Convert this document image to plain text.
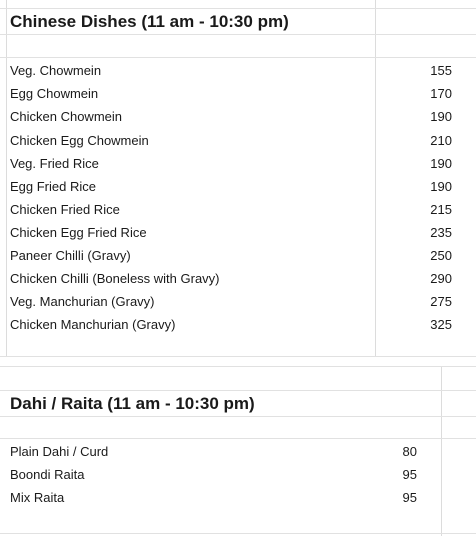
Chinese Dishes (11 am - 10:30 pm)
Veg. Chowmein	155
Egg Chowmein	170
Chicken Chowmein	190
Chicken Egg Chowmein	210
Veg. Fried Rice	190
Egg Fried Rice	190
Chicken Fried Rice	215
Chicken Egg Fried Rice	235
Paneer Chilli (Gravy)	250
Chicken Chilli (Boneless with Gravy)	290
Veg. Manchurian (Gravy)	275
Chicken Manchurian (Gravy)	325
Dahi / Raita (11 am - 10:30 pm)
Plain Dahi / Curd	80
Boondi Raita	95
Mix Raita	95
